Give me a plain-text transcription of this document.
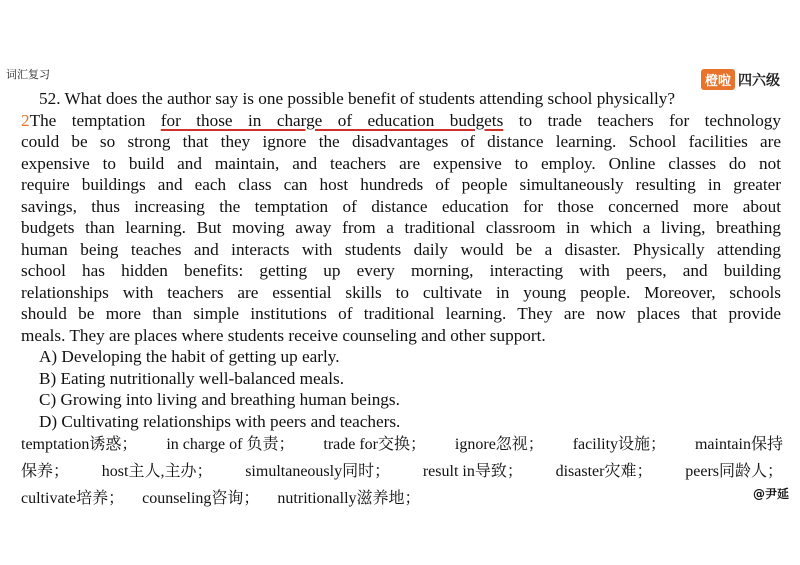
词汇复习	橙啦 四六级
52. What does the author say is one possible benefit of students attending school physically?
2The temptation for those in charge of education budgets to trade teachers for technology
could be so strong that they ignore the disadvantages of distance learning. School facilities are
expensive to build and maintain, and teachers are expensive to employ. Online classes do not
require buildings and each class can host hundreds of people simultaneously resulting in greater
savings, thus increasing the temptation of distance education for those concerned more about
budgets than learning. But moving away from a traditional classroom in which a living, breathing
human being teaches and interacts with students daily would be a disaster. Physically attending
school has hidden benefits: getting up every morning, interacting with peers, and building
relationships with teachers are essential skills to cultivate in young people. Moreover, schools
should be more than simple institutions of traditional learning. They are now places that provide
meals. They are places where students receive counseling and other support.
A) Developing the habit of getting up early.
B) Eating nutritionally well-balanced meals.
C) Growing into living and breathing human beings.
D) Cultivating relationships with peers and teachers.
temptation诱惑； in charge of 负责； trade for交换； ignore忽视； facility设施； maintain保持
保养； host主人,主办； simultaneously同时； result in导致； disaster灾难； peers同龄人；
cultivate培养； counseling咨询； nutritionally滋养地；	@尹延
